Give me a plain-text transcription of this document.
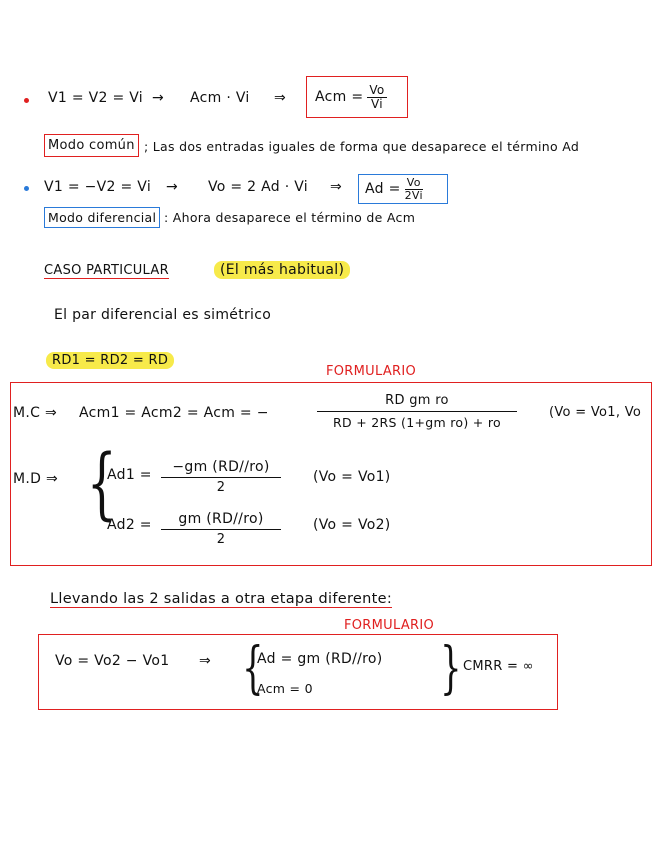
V1 = V2 = Vi → Acm · Vi ⇒ Acm = $\frac{Vo}{Vi}$
Modo común ; Las dos entradas iguales de forma que desaparece el término Ad
V1 = −V2 = Vi → Vo = 2 Ad · Vi ⇒ $Ad = \frac{Vo}{2Vi}$
Modo diferencial : Ahora desaparece el término de Acm
CASO PARTICULAR	(El más habitual)
El par diferencial es simétrico
RD1 = RD2 = RD
FORMULARIO
M.C ⇒ Acm1 = Acm2 = Acm = −	$\frac{\text{RD gm ro}}{\text{RD + 2RS (1+gm ro) + ro}} (Vo = Vo1$, Vo
M.D ⇒ {
$Ad1 = \frac{-gm (RD//ro)}{2} (Vo = Vo1)$
$Ad2 = \frac{gm (RD//ro)}{2} (Vo = Vo2)$
Llevando las 2 salidas a otra etapa diferente:
FORMULARIO
Vo = Vo2 − Vo1 ⇒ {
Ad = gm (RD//ro)
Acm = 0 } CMRR = ∞
